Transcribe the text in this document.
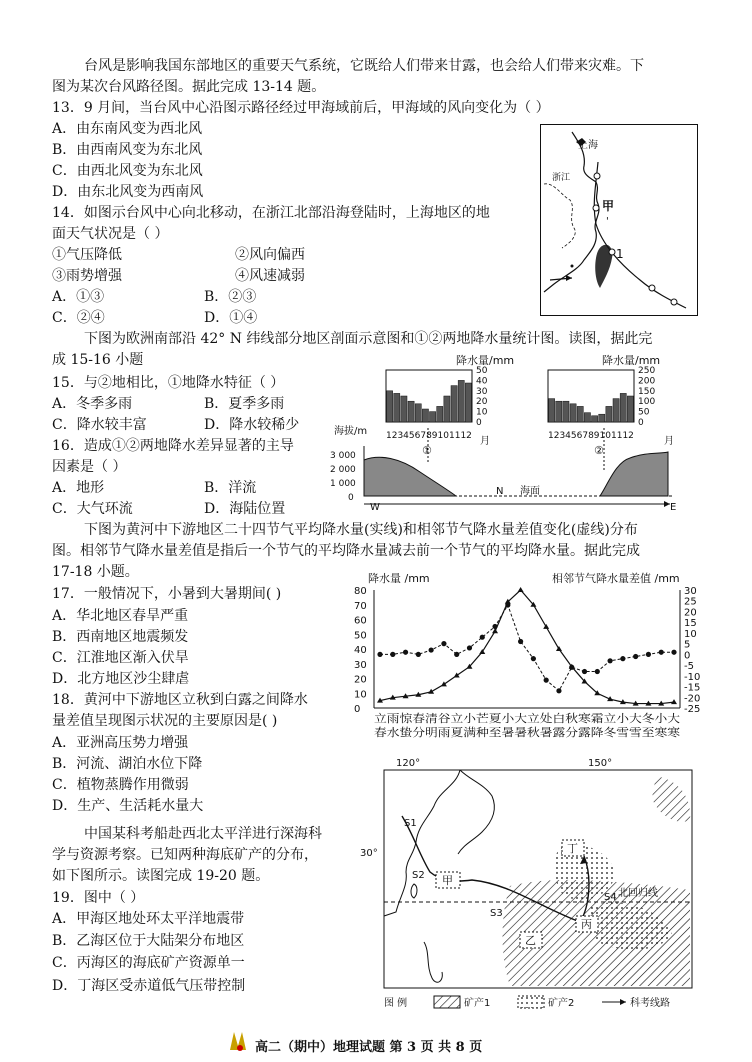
台风是影响我国东部地区的重要天气系统，它既给人们带来甘露，也会给人们带来灾难。下
图为某次台风路径图。据此完成 13-14 题。
13．9 月间，当台风中心沿图示路径经过甲海域前后，甲海域的风向变化为（ ）
A．由东南风变为西北风
B．由西南风变为东北风
C．由西北风变为东北风
D．由东北风变为西南风
14．如图示台风中心向北移动，在浙江北部沿海登陆时，上海地区的地
面天气状况是（ ）
①气压降低	②风向偏西
③雨势增强	④风速减弱
A．①③	B．②③
C．②④	D．①④
上海
浙江
甲
1
'
下图为欧洲南部沿 42° N 纬线部分地区剖面示意图和①②两地降水量统计图。读图，据此完
成 15-16 小题
15．与②地相比，①地降水特征（ ）
A．冬季多雨	B．夏季多雨
C．降水较丰富	D．降水较稀少
16．造成①②两地降水差异显著的主导
因素是（ ）
A．地形	B．洋流
C．大气环流	D．海陆位置
降水量/mm
50
40
30
20
10
0
123456789101112 月
降水量/mm
250
200
150
100
50
0
123456789101112	月
海拔/m
3 000
2 000
1 000
0
①	②
W
N 海面
E
下图为黄河中下游地区二十四节气平均降水量(实线)和相邻节气降水量差值变化(虚线)分布
图。相邻节气降水量差值是指后一个节气的平均降水量减去前一个节气的平均降水量。据此完成
17-18 小题。
17．一般情况下，小暑到大暑期间( )
A．华北地区春旱严重
B．西南地区地震频发
C．江淮地区渐入伏旱
D．北方地区沙尘肆虐
18．黄河中下游地区立秋到白露之间降水
量差值呈现图示状况的主要原因是( )
A．亚洲高压势力增强
B．河流、湖泊水位下降
C．植物蒸腾作用微弱
D．生产、生活耗水量大
降水量 /mm	相邻节气降水量差值 /mm
80
70
60
50
40
30
20
10
0
30
25
20
15
10
5
0
-5
-10
-15
-20
-25
立雨惊春清谷立小芒夏小大立处白秋寒霜立小大冬小大
春水蛰分明雨夏满种至暑暑秋暑露分露降冬雪雪至寒寒
中国某科考船赴西北太平洋进行深海科
学与资源考察。已知两种海底矿产的分布，
如下图所示。读图完成 19-20 题。
19．图中（ ）
A．甲海区地处环太平洋地震带
B．乙海区位于大陆架分布地区
C．丙海区的海底矿产资源单一
D．丁海区受赤道低气压带控制
120°	150°
30°
北回归线
S1
S2
S3
S4
甲
乙
丙
丁
图 例	矿产1	矿产2	科考线路
高二（期中）地理试题 第 3 页 共 8 页
